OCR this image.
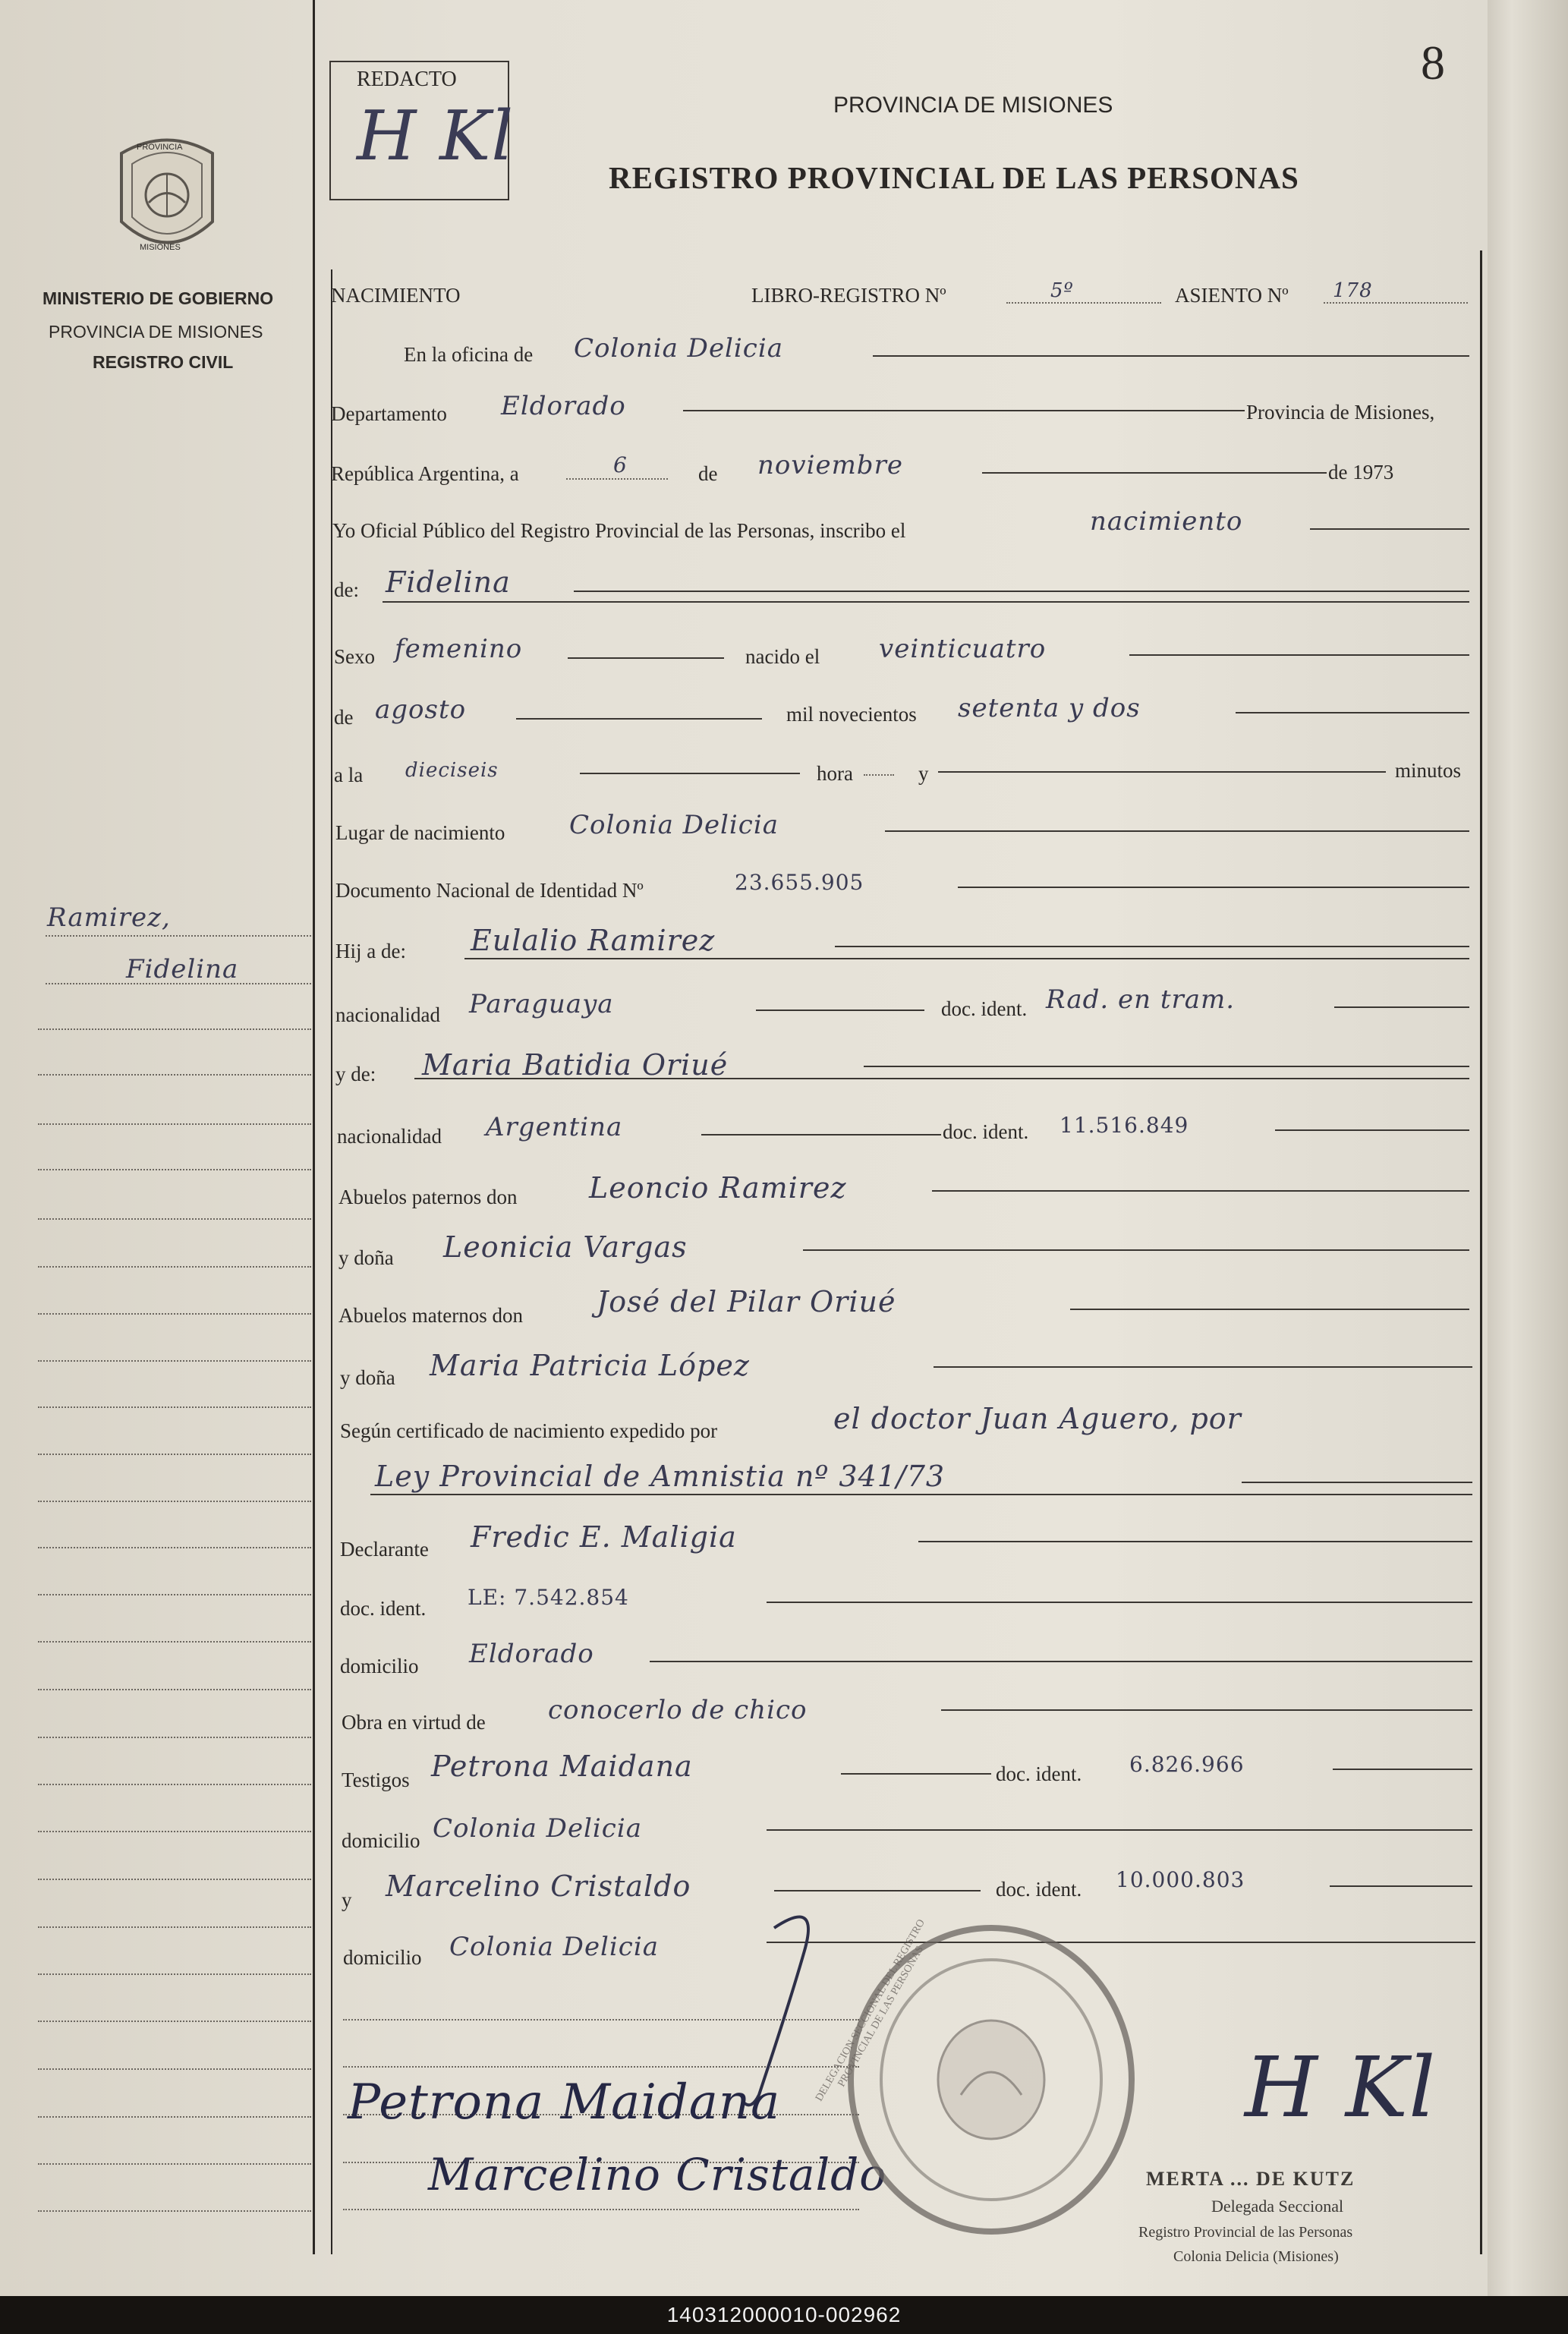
8
REDACTO
H Kl	PROVINCIA DE MISIONES
REGISTRO PROVINCIAL DE LAS PERSONAS
PROVINCIA
MISIONES
MINISTERIO DE GOBIERNO
PROVINCIA DE MISIONES
REGISTRO CIVIL
Ramirez,
Fidelina
NACIMIENTO	LIBRO-REGISTRO Nº	5º	ASIENTO Nº 178
En la oficina de Colonia Delicia
Departamento Eldorado	Provincia de Misiones,
República Argentina, a	6	de noviembre	de 1973
Yo Oficial Público del Registro Provincial de las Personas, inscribo el	nacimiento
de: Fidelina
Sexo femenino	nacido el veinticuatro
de agosto	mil novecientos setenta y dos
a la dieciseis	hora	y	minutos
Lugar de nacimiento Colonia Delicia
Documento Nacional de Identidad Nº	23.655.905
Hij a de: Eulalio Ramirez
nacionalidad Paraguaya	doc. ident. Rad. en tram.
y de: Maria Batidia Oriué
nacionalidad Argentina	doc. ident. 11.516.849
Abuelos paternos don Leoncio Ramirez
y doña Leonicia Vargas
Abuelos maternos don	José del Pilar Oriué
y doña Maria Patricia López
Según certificado de nacimiento expedido por	el doctor Juan Aguero, por
Ley Provincial de Amnistia nº 341/73
Declarante Fredic E. Maligia
doc. ident. LE: 7.542.854
domicilio Eldorado
Obra en virtud de conocerlo de chico
Testigos Petrona Maidana	doc. ident. 6.826.966
domicilio Colonia Delicia
y Marcelino Cristaldo	doc. ident. 10.000.803
domicilio Colonia Delicia
Petrona Maidana
Marcelino Cristaldo
DELEGACION SECCIONAL DEL REGISTRO PROVINCIAL DE LAS PERSONAS	H Kl
MERTA ... DE KUTZ
Delegada Seccional
Registro Provincial de las Personas
Colonia Delicia (Misiones)
140312000010-002962
